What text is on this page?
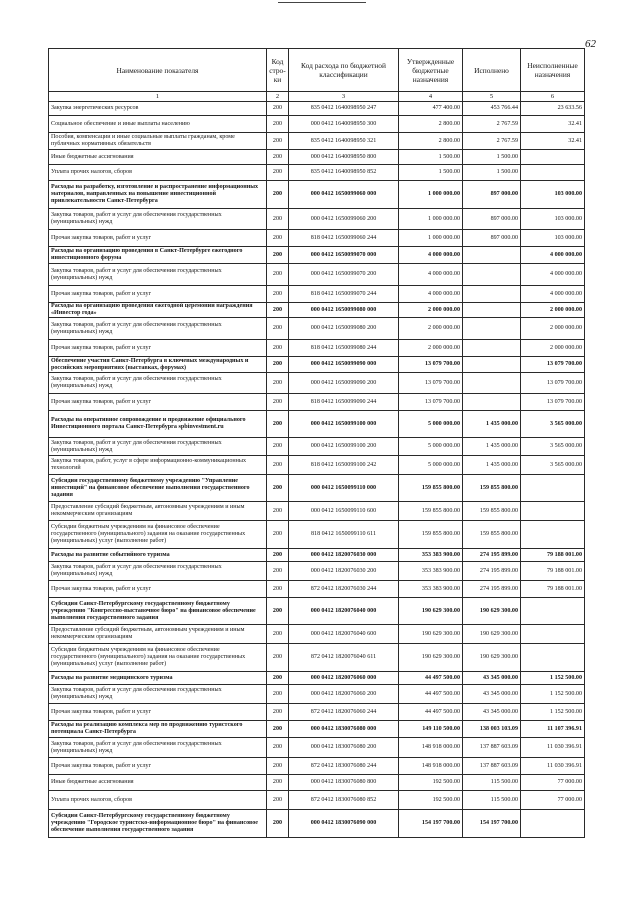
62
Наименование показателя	Код стро-ки	Код расхода по бюджетной классификации	Утвержденные бюджетные назначения	Исполнено	Неисполненные назначения
1	2	3	4	5	6
Закупка энергетических ресурсов	200	835 0412 1640098950 247	477 400.00	453 766.44	23 633.56
Социальное обеспечение и иные выплаты населению	200	000 0412 1640098950 300	2 800.00	2 767.59	32.41
Пособия, компенсации и иные социальные выплаты гражданам, кроме публичных нормативных обязательств	200	835 0412 1640098950 321	2 800.00	2 767.59	32.41
Иные бюджетные ассигнования	200	000 0412 1640098950 800	1 500.00	1 500.00	
Уплата прочих налогов, сборов	200	835 0412 1640098950 852	1 500.00	1 500.00	
Расходы на разработку, изготовление и распространение информационных материалов, направленных на повышение инвестиционной привлекательности Санкт-Петербурга	200	000 0412 1650099060 000	1 000 000.00	897 000.00	103 000.00
Закупка товаров, работ и услуг для обеспечения государственных (муниципальных) нужд	200	000 0412 1650099060 200	1 000 000.00	897 000.00	103 000.00
Прочая закупка товаров, работ и услуг	200	818 0412 1650099060 244	1 000 000.00	897 000.00	103 000.00
Расходы на организацию проведения в Санкт-Петербурге ежегодного инвестиционного форума	200	000 0412 1650099070 000	4 000 000.00		4 000 000.00
Закупка товаров, работ и услуг для обеспечения государственных (муниципальных) нужд	200	000 0412 1650099070 200	4 000 000.00		4 000 000.00
Прочая закупка товаров, работ и услуг	200	818 0412 1650099070 244	4 000 000.00		4 000 000.00
Расходы на организацию проведения ежегодной церемонии награждения «Инвестор года»	200	000 0412 1650099080 000	2 000 000.00		2 000 000.00
Закупка товаров, работ и услуг для обеспечения государственных (муниципальных) нужд	200	000 0412 1650099080 200	2 000 000.00		2 000 000.00
Прочая закупка товаров, работ и услуг	200	818 0412 1650099080 244	2 000 000.00		2 000 000.00
Обеспечение участия Санкт-Петербурга в ключевых международных и российских мероприятиях (выставках, форумах)	200	000 0412 1650099090 000	13 079 700.00		13 079 700.00
Закупка товаров, работ и услуг для обеспечения государственных (муниципальных) нужд	200	000 0412 1650099090 200	13 079 700.00		13 079 700.00
Прочая закупка товаров, работ и услуг	200	818 0412 1650099090 244	13 079 700.00		13 079 700.00
Расходы на оперативное сопровождение и продвижение официального Инвестиционного портала Санкт-Петербурга spbinvestment.ru	200	000 0412 1650099100 000	5 000 000.00	1 435 000.00	3 565 000.00
Закупка товаров, работ и услуг для обеспечения государственных (муниципальных) нужд	200	000 0412 1650099100 200	5 000 000.00	1 435 000.00	3 565 000.00
Закупка товаров, работ, услуг в сфере информационно-коммуникационных технологий	200	818 0412 1650099100 242	5 000 000.00	1 435 000.00	3 565 000.00
Субсидии государственному бюджетному учреждению "Управление инвестиций" на финансовое обеспечение выполнения государственного задания	200	000 0412 1650099110 000	159 855 800.00	159 855 800.00	
Предоставление субсидий бюджетным, автономным учреждениям и иным некоммерческим организациям	200	000 0412 1650099110 600	159 855 800.00	159 855 800.00	
Субсидии бюджетным учреждениям на финансовое обеспечение государственного (муниципального) задания на оказание государственных (муниципальных) услуг (выполнение работ)	200	818 0412 1650099110 611	159 855 800.00	159 855 800.00	
Расходы на развитие событийного туризма	200	000 0412 1820076030 000	353 383 900.00	274 195 899.00	79 188 001.00
Закупка товаров, работ и услуг для обеспечения государственных (муниципальных) нужд	200	000 0412 1820076030 200	353 383 900.00	274 195 899.00	79 188 001.00
Прочая закупка товаров, работ и услуг	200	872 0412 1820076030 244	353 383 900.00	274 195 899.00	79 188 001.00
Субсидии Санкт-Петербургскому государственному бюджетному учреждению "Конгрессно-выставочное бюро" на финансовое обеспечение выполнения государственного задания	200	000 0412 1820076040 000	190 629 300.00	190 629 300.00	
Предоставление субсидий бюджетным, автономным учреждениям и иным некоммерческим организациям	200	000 0412 1820076040 600	190 629 300.00	190 629 300.00	
Субсидии бюджетным учреждениям на финансовое обеспечение государственного (муниципального) задания на оказание государственных (муниципальных) услуг (выполнение работ)	200	872 0412 1820076040 611	190 629 300.00	190 629 300.00	
Расходы на развитие медицинского туризма	200	000 0412 1820076060 000	44 497 500.00	43 345 000.00	1 152 500.00
Закупка товаров, работ и услуг для обеспечения государственных (муниципальных) нужд	200	000 0412 1820076060 200	44 497 500.00	43 345 000.00	1 152 500.00
Прочая закупка товаров, работ и услуг	200	872 0412 1820076060 244	44 497 500.00	43 345 000.00	1 152 500.00
Расходы на реализацию комплекса мер по продвижению туристского потенциала Санкт-Петербурга	200	000 0412 1830076080 000	149 110 500.00	138 003 103.09	11 107 396.91
Закупка товаров, работ и услуг для обеспечения государственных (муниципальных) нужд	200	000 0412 1830076080 200	148 918 000.00	137 887 603.09	11 030 396.91
Прочая закупка товаров, работ и услуг	200	872 0412 1830076080 244	148 918 000.00	137 887 603.09	11 030 396.91
Иные бюджетные ассигнования	200	000 0412 1830076080 800	192 500.00	115 500.00	77 000.00
Уплата прочих налогов, сборов	200	872 0412 1830076080 852	192 500.00	115 500.00	77 000.00
Субсидии Санкт-Петербургскому государственному бюджетному учреждению "Городское туристско-информационное бюро" на финансовое обеспечение выполнения государственного задания	200	000 0412 1830076090 000	154 197 700.00	154 197 700.00	
